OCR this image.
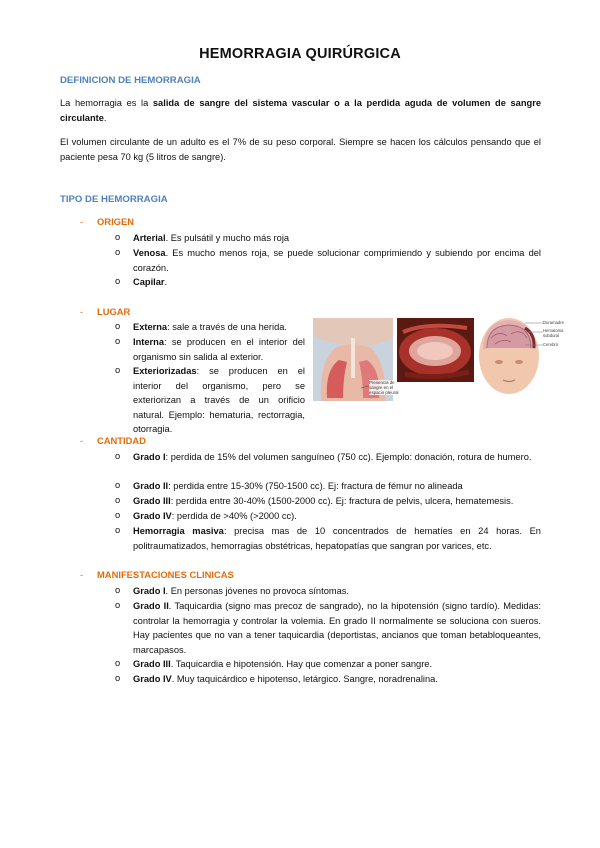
HEMORRAGIA QUIRÚRGICA
DEFINICION DE HEMORRAGIA
La hemorragia es la salida de sangre del sistema vascular o a la perdida aguda de volumen de sangre circulante.
El volumen circulante de un adulto es el 7% de su peso corporal. Siempre se hacen los cálculos pensando que el paciente pesa 70 kg (5 litros de sangre).
TIPO DE HEMORRAGIA
- ORIGEN
o Arterial. Es pulsátil y mucho más roja
o Venosa. Es mucho menos roja, se puede solucionar comprimiendo y subiendo por encima del corazón.
o Capilar.
- LUGAR
o Externa: sale a través de una herida.
o Interna: se producen en el interior del organismo sin salida al exterior.
o Exteriorizadas: se producen en el interior del organismo, pero se exteriorizan a través de un orificio natural. Ejemplo: hematuria, rectorragia, otorragia.
Presencia de sangre en el espacio pleural
Duramadre
Hematoma subdural
Cerebro
- CANTIDAD
o Grado I: perdida de 15% del volumen sanguíneo (750 cc). Ejemplo: donación, rotura de humero.
o Grado II: perdida entre 15-30% (750-1500 cc). Ej: fractura de fémur no alineada
o Grado III: perdida entre 30-40% (1500-2000 cc). Ej: fractura de pelvis, ulcera, hematemesis.
o Grado IV: perdida de >40% (>2000 cc).
o Hemorragia masiva: precisa mas de 10 concentrados de hematíes en 24 horas. En politraumatizados, hemorragias obstétricas, hepatopatías que sangran por varices, etc.
- MANIFESTACIONES CLINICAS
o Grado I. En personas jóvenes no provoca síntomas.
o Grado II. Taquicardia (signo mas precoz de sangrado), no la hipotensión (signo tardío). Medidas: controlar la hemorragia y controlar la volemia. En grado II normalmente se soluciona con sueros. Hay pacientes que no van a tener taquicardia (deportistas, ancianos que toman betabloqueantes, marcapasos.
o Grado III. Taquicardia e hipotensión. Hay que comenzar a poner sangre.
o Grado IV. Muy taquicárdico e hipotenso, letárgico. Sangre, noradrenalina.
